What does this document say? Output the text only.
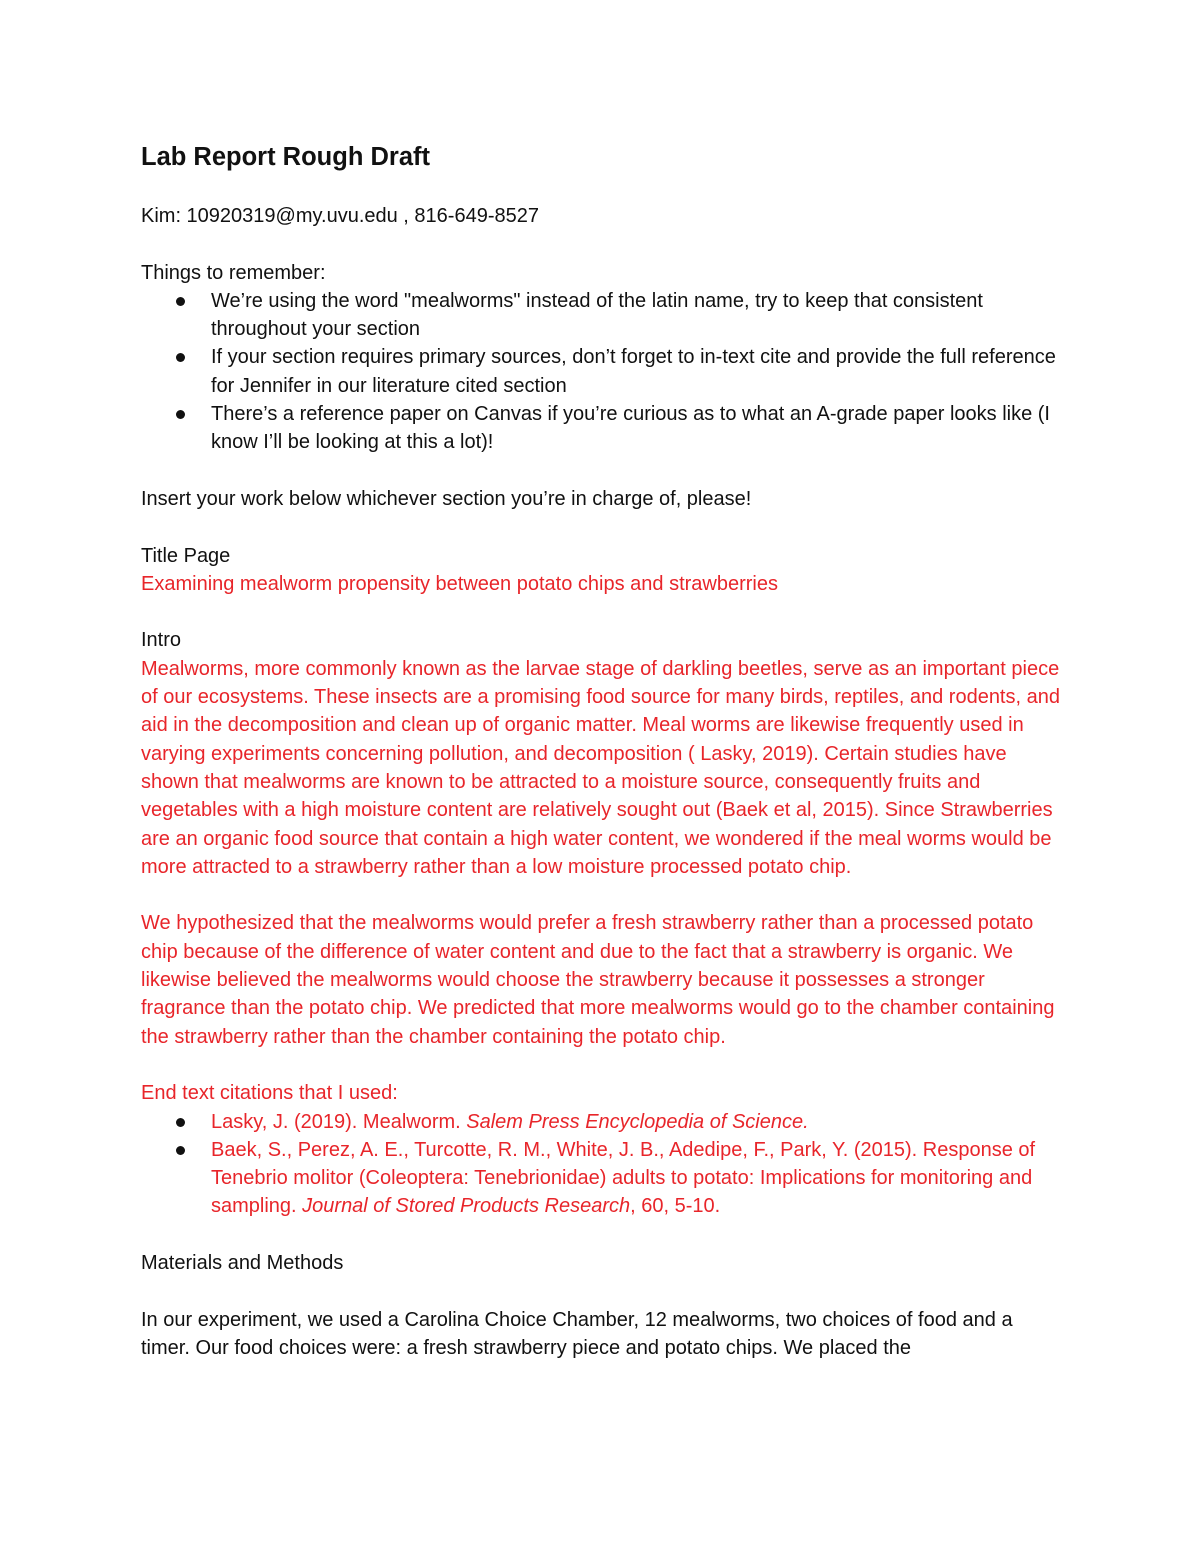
Lab Report Rough Draft

Kim: 10920319@my.uvu.edu , 816-649-8527

Things to remember:

We’re using the word "mealworms" instead of the latin name, try to keep that consistent throughout your section
If your section requires primary sources, don’t forget to in-text cite and provide the full reference for Jennifer in our literature cited section
There’s a reference paper on Canvas if you’re curious as to what an A-grade paper looks like (I know I’ll be looking at this a lot)!

Insert your work below whichever section you’re in charge of, please!

Title Page

Examining mealworm propensity between potato chips and strawberries

Intro

Mealworms, more commonly known as the larvae stage of darkling beetles, serve as an important piece of our ecosystems. These insects are a promising food source for many birds, reptiles, and rodents, and aid in the decomposition and clean up of organic matter. Meal worms are likewise frequently used in varying experiments concerning pollution, and decomposition ( Lasky, 2019). Certain studies have shown that mealworms are known to be attracted to a moisture source, consequently fruits and vegetables with a high moisture content are relatively sought out (Baek et al, 2015). Since Strawberries are an organic food source that contain a high water content, we wondered if the meal worms would be more attracted to a strawberry rather than a low moisture processed potato chip.

We hypothesized that the mealworms would prefer a fresh strawberry rather than a processed potato chip because of the difference of water content and due to the fact that a strawberry is organic. We likewise believed the mealworms would choose the strawberry because it possesses a stronger fragrance than the potato chip. We predicted that more mealworms would go to the chamber containing the strawberry rather than the chamber containing the potato chip.

End text citations that I used:

Lasky, J. (2019). Mealworm. Salem Press Encyclopedia of Science.
Baek, S., Perez, A. E., Turcotte, R. M., White, J. B., Adedipe, F., Park, Y. (2015). Response of Tenebrio molitor (Coleoptera: Tenebrionidae) adults to potato: Implications for monitoring and sampling. Journal of Stored Products Research, 60, 5-10.

Materials and Methods

In our experiment, we used a Carolina Choice Chamber, 12 mealworms, two choices of food and a timer. Our food choices were: a fresh strawberry piece and potato chips. We placed the
